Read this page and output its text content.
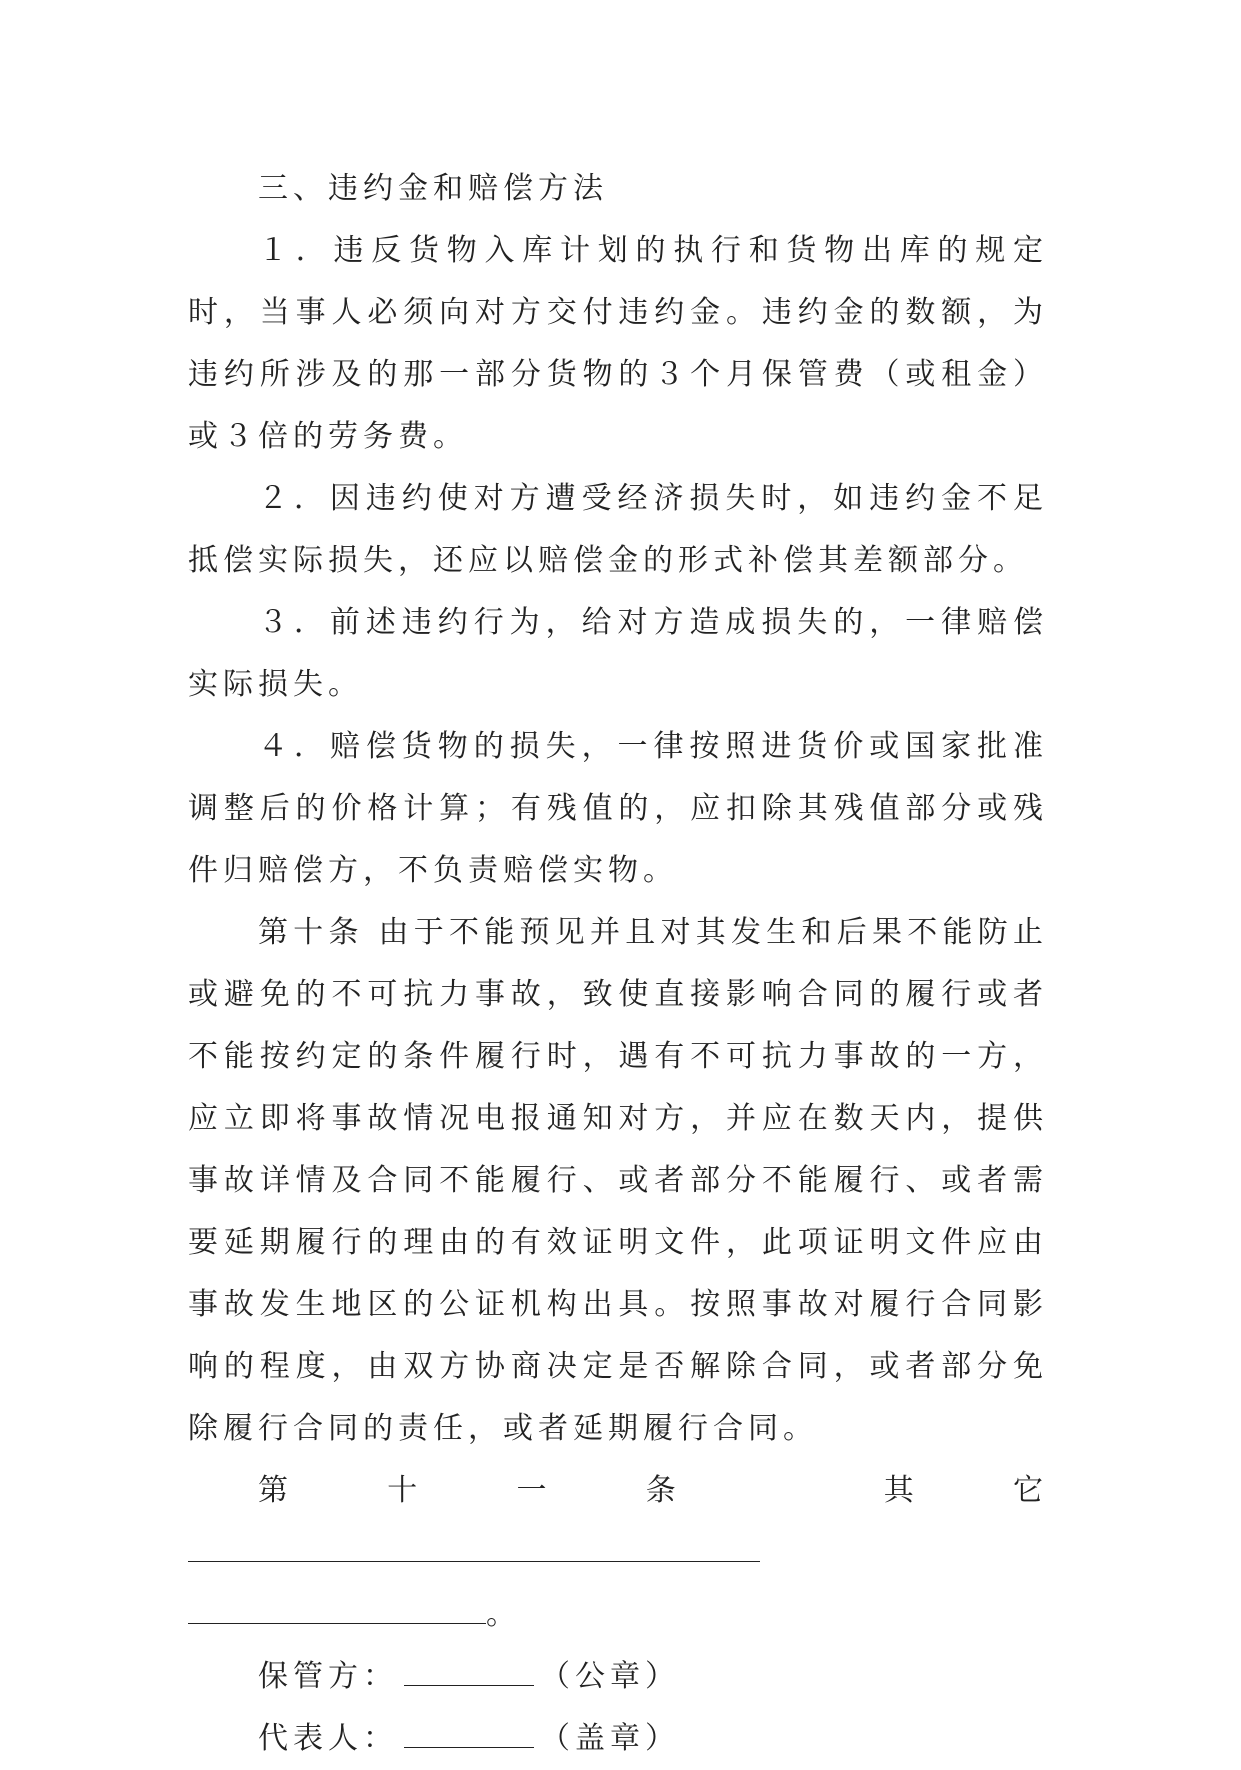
三、违约金和赔偿方法

１．违反货物入库计划的执行和货物出库的规定时，当事人必须向对方交付违约金。违约金的数额，为违约所涉及的那一部分货物的３个月保管费（或租金）或３倍的劳务费。

２．因违约使对方遭受经济损失时，如违约金不足抵偿实际损失，还应以赔偿金的形式补偿其差额部分。

３．前述违约行为，给对方造成损失的，一律赔偿实际损失。

４．赔偿货物的损失，一律按照进货价或国家批准调整后的价格计算；有残值的，应扣除其残值部分或残件归赔偿方，不负责赔偿实物。

第十条 由于不能预见并且对其发生和后果不能防止或避免的不可抗力事故，致使直接影响合同的履行或者不能按约定的条件履行时，遇有不可抗力事故的一方，应立即将事故情况电报通知对方，并应在数天内，提供事故详情及合同不能履行、或者部分不能履行、或者需要延期履行的理由的有效证明文件，此项证明文件应由事故发生地区的公证机构出具。按照事故对履行合同影响的程度，由双方协商决定是否解除合同，或者部分免除履行合同的责任，或者延期履行合同。

第十一条 其它

。

保管方：	（公章）

代表人：	（盖章）
